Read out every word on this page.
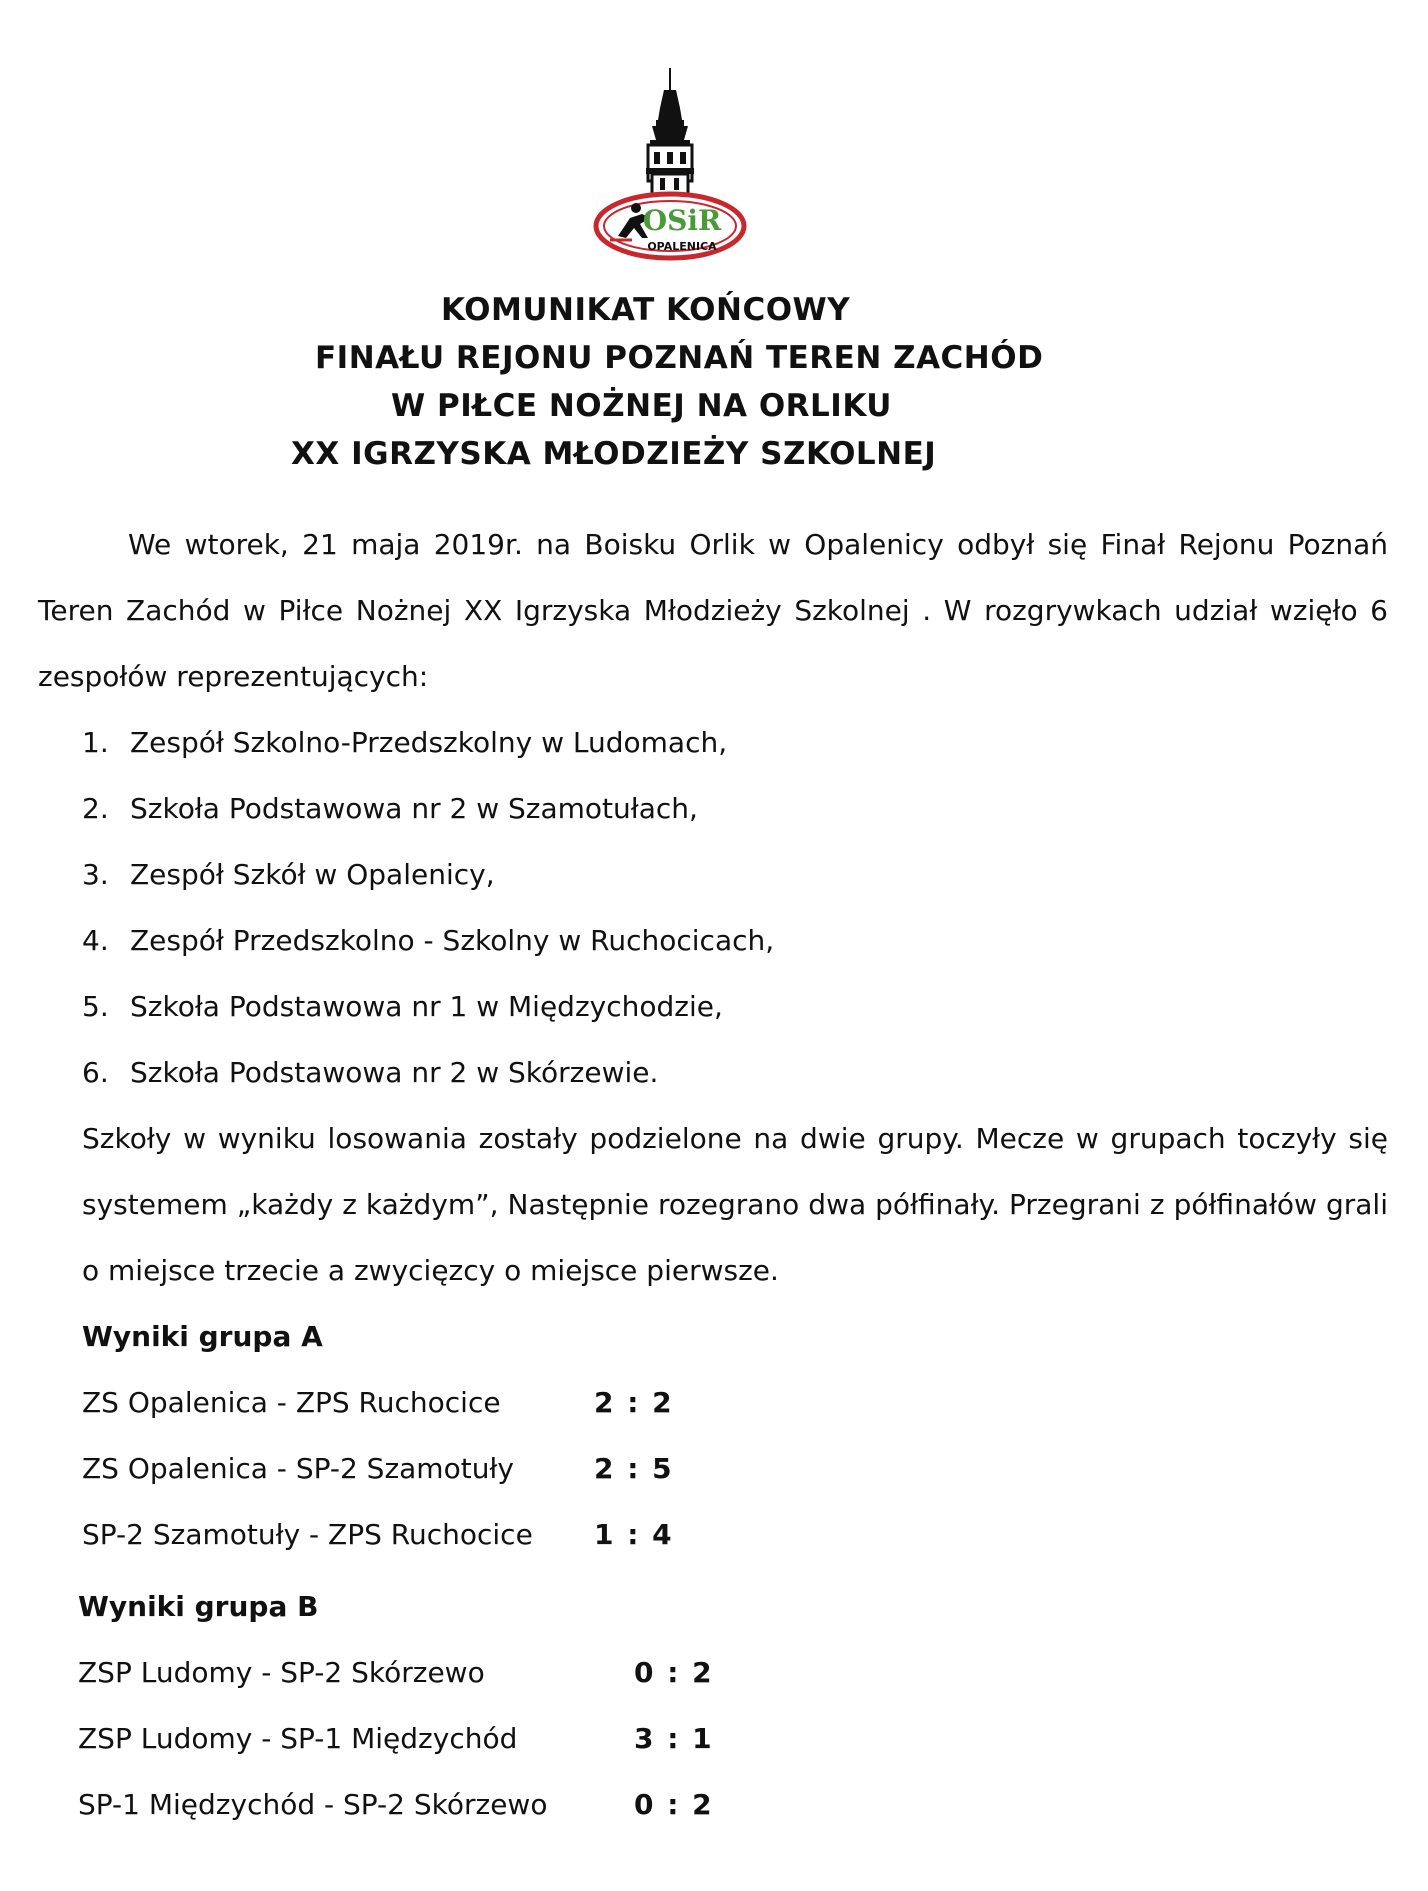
OSiR
OPALENICA
KOMUNIKAT KOŃCOWY
FINAŁU REJONU POZNAŃ TEREN ZACHÓD
W PIŁCE NOŻNEJ NA ORLIKU
XX IGRZYSKA MŁODZIEŻY SZKOLNEJ
We wtorek, 21 maja 2019r. na Boisku Orlik w Opalenicy odbył się Finał Rejonu Poznań Teren Zachód w Piłce Nożnej XX Igrzyska Młodzieży Szkolnej . W rozgrywkach udział wzięło 6 zespołów reprezentujących:
1. Zespół Szkolno-Przedszkolny w Ludomach,
2. Szkoła Podstawowa nr 2 w Szamotułach,
3. Zespół Szkół w Opalenicy,
4. Zespół Przedszkolno - Szkolny w Ruchocicach,
5. Szkoła Podstawowa nr 1 w Międzychodzie,
6. Szkoła Podstawowa nr 2 w Skórzewie.
Szkoły w wyniku losowania zostały podzielone na dwie grupy. Mecze w grupach toczyły się systemem „każdy z każdym”, Następnie rozegrano dwa półfinały. Przegrani z półfinałów grali o miejsce trzecie a zwycięzcy o miejsce pierwsze.
Wyniki grupa A
ZS Opalenica - ZPS Ruchocice	2 : 2
ZS Opalenica - SP-2 Szamotuły	2 : 5
SP-2 Szamotuły - ZPS Ruchocice 1 : 4
Wyniki grupa B
ZSP Ludomy - SP-2 Skórzewo	0 : 2
ZSP Ludomy - SP-1 Międzychód	3 : 1
SP-1 Międzychód - SP-2 Skórzewo	0 : 2
